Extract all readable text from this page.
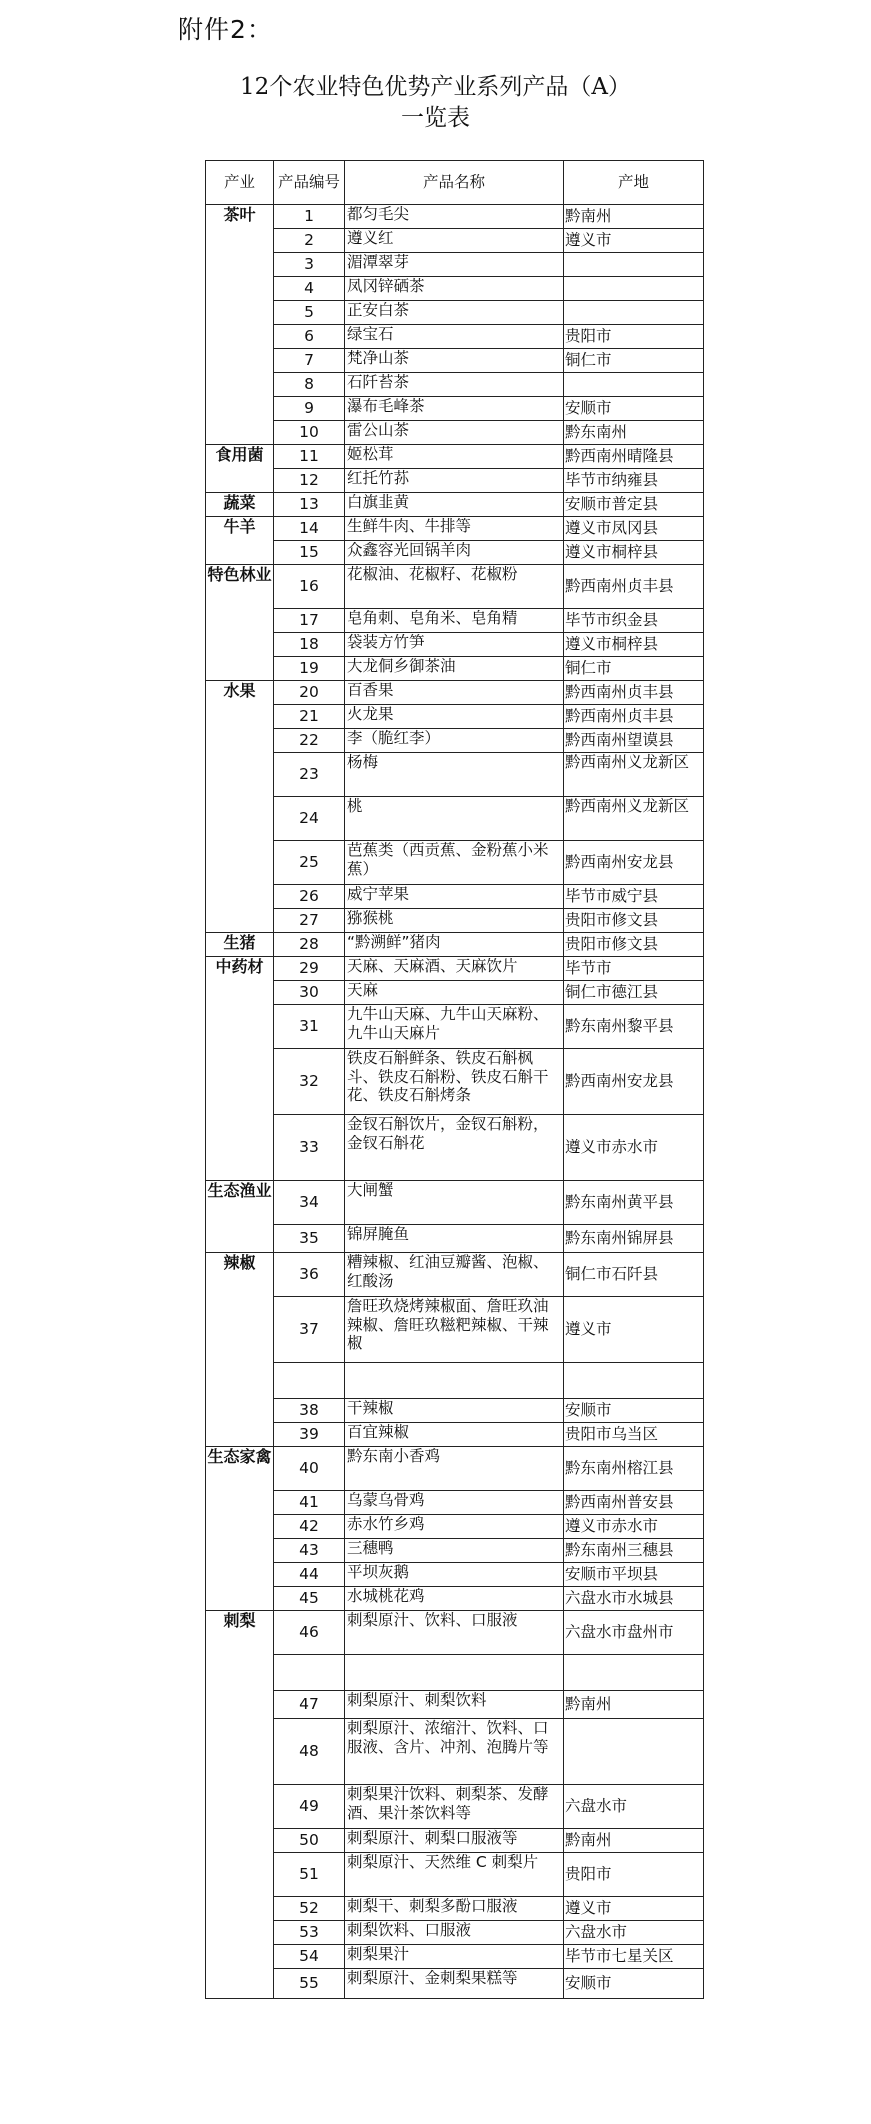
附件2：
12个农业特色优势产业系列产品（A）
一览表
产业	产品编号	产品名称	产地
茶叶	1	都匀毛尖	黔南州
	2	遵义红	遵义市
	3	湄潭翠芽	
	4	凤冈锌硒茶	
	5	正安白茶	
	6	绿宝石	贵阳市
	7	梵净山茶	铜仁市
	8	石阡苔茶	
	9	瀑布毛峰茶	安顺市
	10	雷公山茶	黔东南州
食用菌	11	姬松茸	黔西南州晴隆县
	12	红托竹荪	毕节市纳雍县
蔬菜	13	白旗韭黄	安顺市普定县
牛羊	14	生鲜牛肉、牛排等	遵义市凤冈县
	15	众鑫容光回锅羊肉	遵义市桐梓县
特色林业	16	花椒油、花椒籽、花椒粉	黔西南州贞丰县
	17	皂角刺、皂角米、皂角精	毕节市织金县
	18	袋装方竹笋	遵义市桐梓县
	19	大龙侗乡御茶油	铜仁市
水果	20	百香果	黔西南州贞丰县
	21	火龙果	黔西南州贞丰县
	22	李（脆红李）	黔西南州望谟县
	23	杨梅	黔西南州义龙新区
	24	桃	黔西南州义龙新区
	25	芭蕉类（西贡蕉、金粉蕉小米蕉）	黔西南州安龙县
	26	威宁苹果	毕节市威宁县
	27	猕猴桃	贵阳市修文县
生猪	28	“黔溯鲜”猪肉	贵阳市修文县
中药材	29	天麻、天麻酒、天麻饮片	毕节市
	30	天麻	铜仁市德江县
	31	九牛山天麻、九牛山天麻粉、九牛山天麻片	黔东南州黎平县
	32	铁皮石斛鲜条、铁皮石斛枫斗、铁皮石斛粉、铁皮石斛干花、铁皮石斛烤条	黔西南州安龙县
	33	金钗石斛饮片，金钗石斛粉，金钗石斛花	遵义市赤水市
生态渔业	34	大闸蟹	黔东南州黄平县
	35	锦屏腌鱼	黔东南州锦屏县
辣椒	36	糟辣椒、红油豆瓣酱、泡椒、红酸汤	铜仁市石阡县
	37	詹旺玖烧烤辣椒面、詹旺玖油辣椒、詹旺玖糍粑辣椒、干辣椒	遵义市

	38	干辣椒	安顺市
	39	百宜辣椒	贵阳市乌当区
生态家禽	40	黔东南小香鸡	黔东南州榕江县
	41	乌蒙乌骨鸡	黔西南州普安县
	42	赤水竹乡鸡	遵义市赤水市
	43	三穗鸭	黔东南州三穗县
	44	平坝灰鹅	安顺市平坝县
	45	水城桃花鸡	六盘水市水城县
刺梨	46	刺梨原汁、饮料、口服液	六盘水市盘州市

	47	刺梨原汁、刺梨饮料	黔南州
	48	刺梨原汁、浓缩汁、饮料、口服液、含片、冲剂、泡腾片等	
	49	刺梨果汁饮料、刺梨茶、发酵酒、果汁茶饮料等	六盘水市
	50	刺梨原汁、刺梨口服液等	黔南州
	51	刺梨原汁、天然维 C 刺梨片	贵阳市
	52	刺梨干、刺梨多酚口服液	遵义市
	53	刺梨饮料、口服液	六盘水市
	54	刺梨果汁	毕节市七星关区
	55	刺梨原汁、金刺梨果糕等	安顺市
